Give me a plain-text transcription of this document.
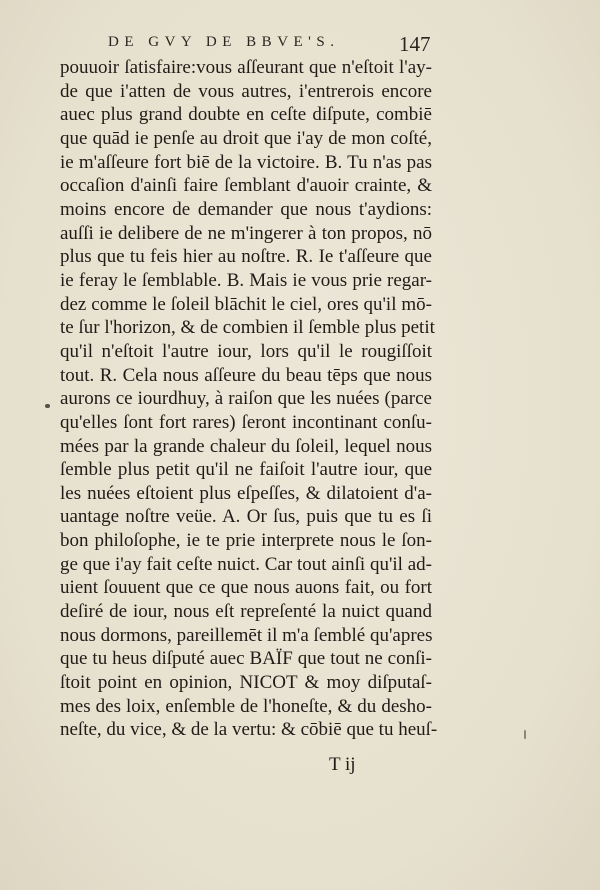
DE GVY DE BBVE'S.	147
pouuoir ſatisfaire:vous aſſeurant que n'eſtoit l'ay-
de que i'atten de vous autres, i'entrerois encore
auec plus grand doubte en ceſte diſpute, combiē
que quād ie penſe au droit que i'ay de mon coſté,
ie m'aſſeure fort biē de la victoire. B. Tu n'as pas
occaſion d'ainſi faire ſemblant d'auoir crainte, &
moins encore de demander que nous t'aydions:
auſſi ie delibere de ne m'ingerer à ton propos, nō
plus que tu feis hier au noſtre. R. Ie t'aſſeure que
ie feray le ſemblable. B. Mais ie vous prie regar-
dez comme le ſoleil blāchit le ciel, ores qu'il mō-
te ſur l'horizon, & de combien il ſemble plus petit
qu'il n'eſtoit l'autre iour, lors qu'il le rougiſſoit
tout. R. Cela nous aſſeure du beau tēps que nous
aurons ce iourdhuy, à raiſon que les nuées (parce
qu'elles ſont fort rares) ſeront incontinant conſu-
mées par la grande chaleur du ſoleil, lequel nous
ſemble plus petit qu'il ne faiſoit l'autre iour, que
les nuées eſtoient plus eſpeſſes, & dilatoient d'a-
uantage noſtre veüe. A. Or ſus, puis que tu es ſi
bon philoſophe, ie te prie interprete nous le ſon-
ge que i'ay fait ceſte nuict. Car tout ainſi qu'il ad-
uient ſouuent que ce que nous auons fait, ou fort
deſiré de iour, nous eſt repreſenté la nuict quand
nous dormons, pareillemēt il m'a ſemblé qu'apres
que tu heus diſputé auec BAÏF que tout ne conſi-
ſtoit point en opinion, NICOT & moy diſputaſ-
mes des loix, enſemble de l'honeſte, & du desho-
neſte, du vice, & de la vertu: & cōbiē que tu heuſ-
T ij
